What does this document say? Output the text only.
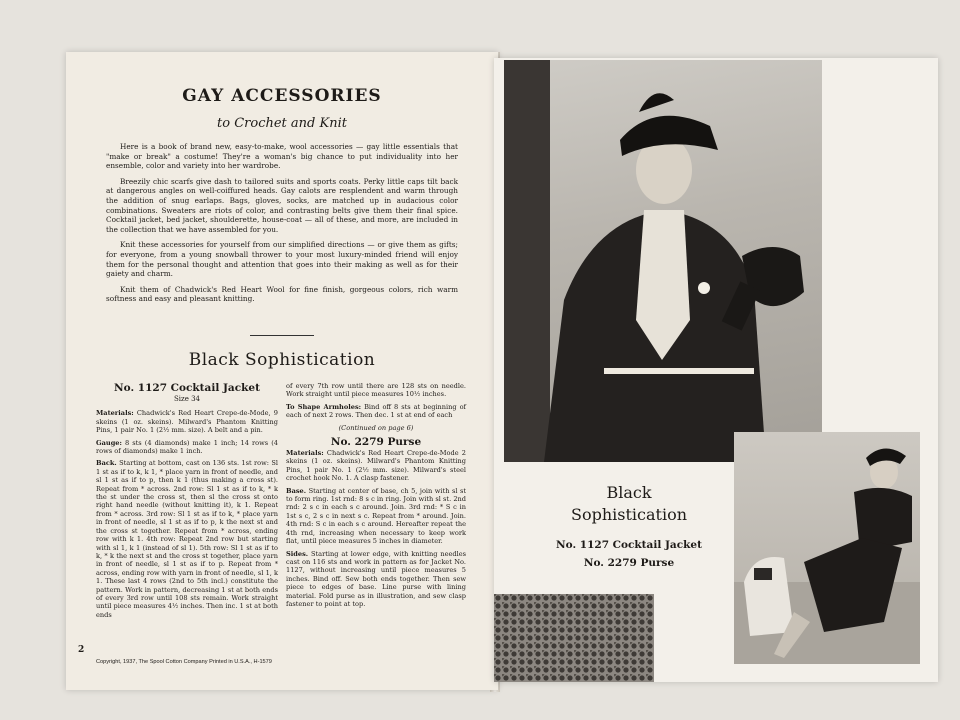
GAY ACCESSORIES
to Crochet and Knit

Here is a book of brand new, easy-to-make, wool accessories — gay little essentials that "make or break" a costume! They're a woman's big chance to put individuality into her ensemble, color and variety into her wardrobe.

Breezily chic scarfs give dash to tailored suits and sports coats. Perky little caps tilt back at dangerous angles on well-coiffured heads. Gay calots are resplendent and warm through the addition of snug earlaps. Bags, gloves, socks, are matched up in audacious color combinations. Sweaters are riots of color, and contrasting belts give them their final spice. Cocktail jacket, bed jacket, shoulderette, house-coat — all of these, and more, are included in the collection that we have assembled for you.

Knit these accessories for yourself from our simplified directions — or give them as gifts; for everyone, from a young snowball thrower to your most luxury-minded friend will enjoy them for the personal thought and attention that goes into their making as well as for their gaiety and charm.

Knit them of Chadwick's Red Heart Wool for fine finish, gorgeous colors, rich warm softness and easy and pleasant knitting.

Black Sophistication
No. 1127 Cocktail Jacket
Size 34

Materials: Chadwick's Red Heart Crepe-de-Mode, 9 skeins (1 oz. skeins). Milward's Phantom Knitting Pins, 1 pair No. 1 (2½ mm. size). A belt and a pin.

Gauge: 8 sts (4 diamonds) make 1 inch; 14 rows (4 rows of diamonds) make 1 inch.

Back. Starting at bottom, cast on 136 sts. 1st row: Sl 1 st as if to k, k 1, * place yarn in front of needle, and sl 1 st as if to p, then k 1 (thus making a cross st). Repeat from * across. 2nd row: Sl 1 st as if to k, * k the st under the cross st, then sl the cross st onto right hand needle (without knitting it), k 1. Repeat from * across. 3rd row: Sl 1 st as if to k, * place yarn in front of needle, sl 1 st as if to p, k the next st and the cross st together. Repeat from * across, ending row with k 1. 4th row: Repeat 2nd row but starting with sl 1, k 1 (instead of sl 1). 5th row: Sl 1 st as if to k, * k the next st and the cross st together, place yarn in front of needle, sl 1 st as if to p. Repeat from * across, ending row with yarn in front of needle, sl 1, k 1. These last 4 rows (2nd to 5th incl.) constitute the pattern. Work in pattern, decreasing 1 st at both ends of every 3rd row until 108 sts remain. Work straight until piece measures 4½ inches. Then inc. 1 st at both ends

of every 7th row until there are 128 sts on needle. Work straight until piece measures 10½ inches.

To Shape Armholes: Bind off 8 sts at beginning of each of next 2 rows. Then dec. 1 st at end of each

(Continued on page 6)

No. 2279 Purse

Materials: Chadwick's Red Heart Crepe-de-Mode 2 skeins (1 oz. skeins). Milward's Phantom Knitting Pins, 1 pair No. 1 (2½ mm. size). Milward's steel crochet hook No. 1. A clasp fastener.

Base. Starting at center of base, ch 5, join with sl st to form ring. 1st rnd: 8 s c in ring. Join with sl st. 2nd rnd: 2 s c in each s c around. Join. 3rd rnd: * S c in 1st s c, 2 s c in next s c. Repeat from * around. Join. 4th rnd: S c in each s c around. Hereafter repeat the 4th rnd, increasing when necessary to keep work flat, until piece measures 5 inches in diameter.

Sides. Starting at lower edge, with knitting needles cast on 116 sts and work in pattern as for Jacket No. 1127, without increasing until piece measures 5 inches. Bind off. Sew both ends together. Then sew piece to edges of base. Line purse with lining material. Fold purse as in illustration, and sew clasp fastener to point at top.

2
Copyright, 1937, The Spool Cotton Company Printed in U.S.A., H-1579
Black
Sophistication
No. 1127 Cocktail Jacket
No. 2279 Purse
